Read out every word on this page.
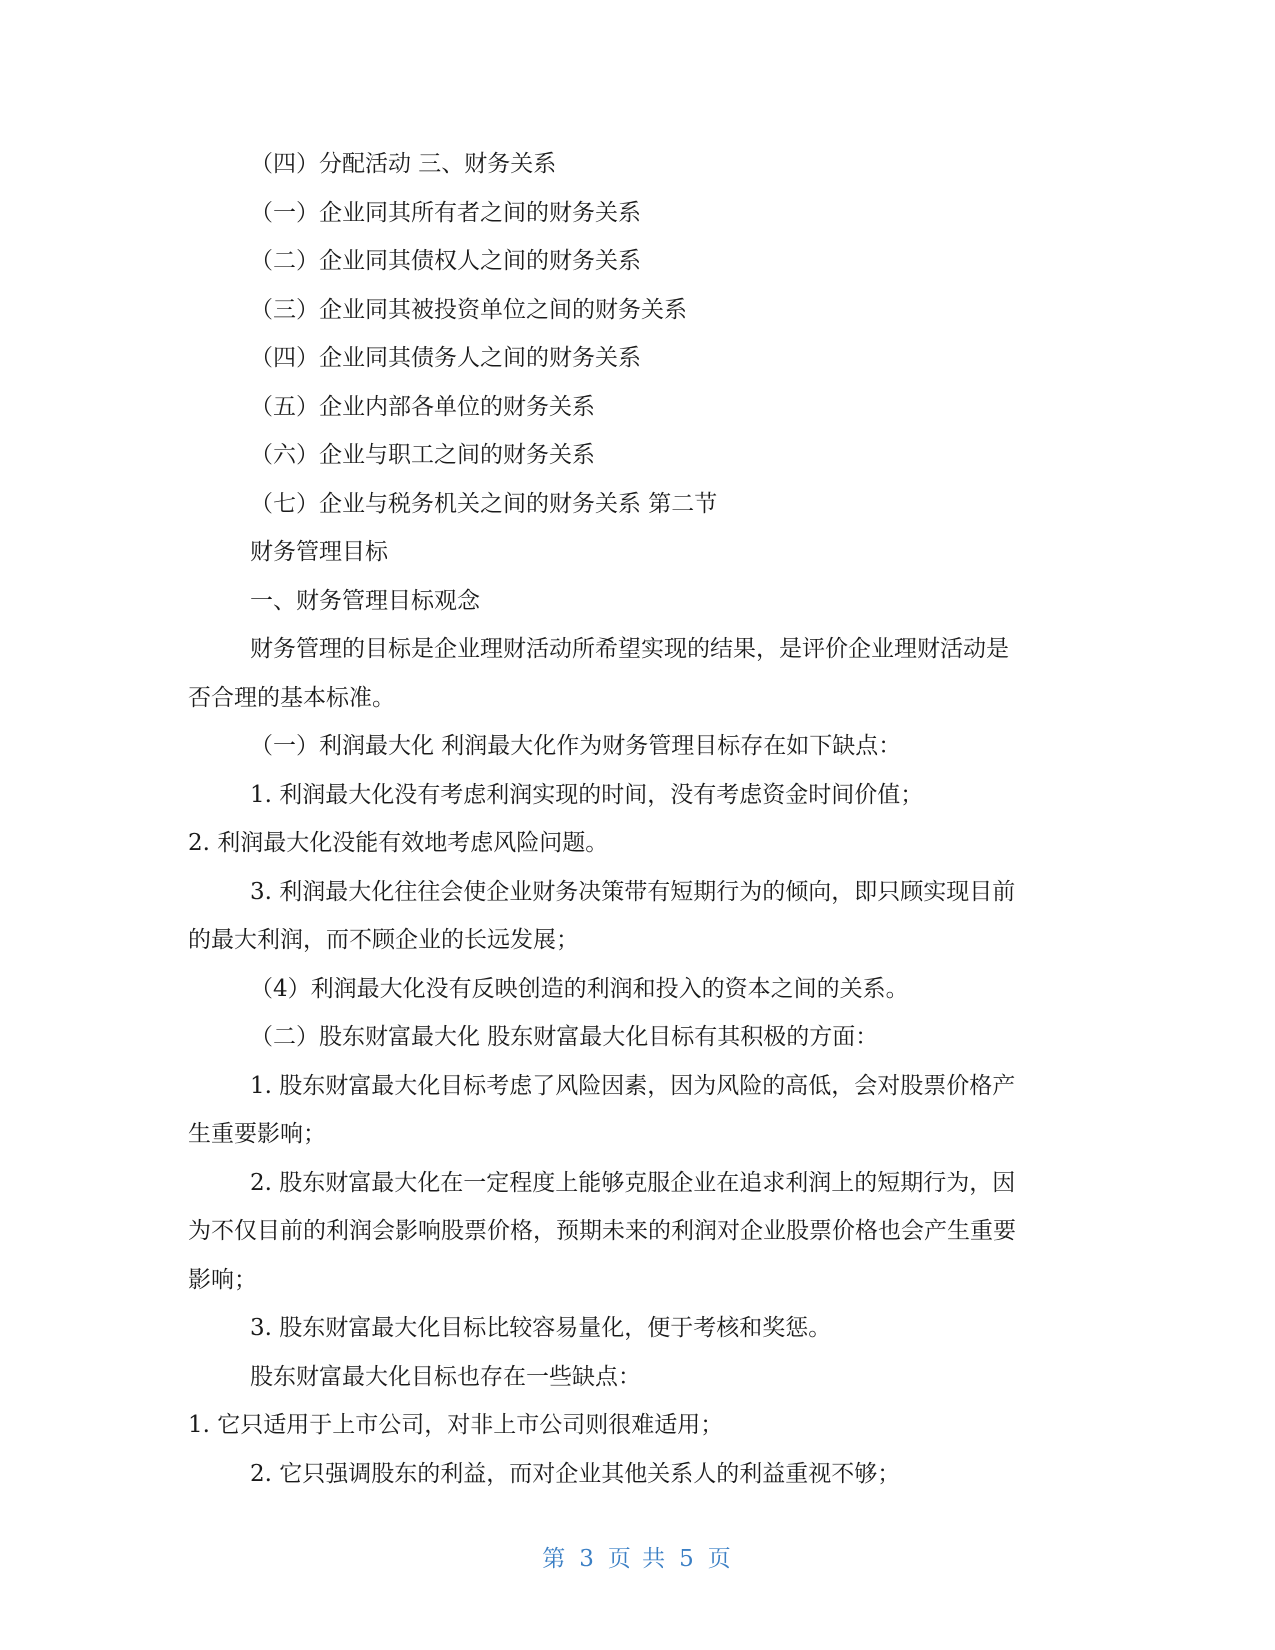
（四）分配活动 三、财务关系
（一）企业同其所有者之间的财务关系
（二）企业同其债权人之间的财务关系
（三）企业同其被投资单位之间的财务关系
（四）企业同其债务人之间的财务关系
（五）企业内部各单位的财务关系
（六）企业与职工之间的财务关系
（七）企业与税务机关之间的财务关系 第二节
财务管理目标
一、财务管理目标观念
财务管理的目标是企业理财活动所希望实现的结果，是评价企业理财活动是
否合理的基本标准。
（一）利润最大化 利润最大化作为财务管理目标存在如下缺点：
1. 利润最大化没有考虑利润实现的时间，没有考虑资金时间价值；
2. 利润最大化没能有效地考虑风险问题。
3. 利润最大化往往会使企业财务决策带有短期行为的倾向，即只顾实现目前
的最大利润，而不顾企业的长远发展；
（4）利润最大化没有反映创造的利润和投入的资本之间的关系。
（二）股东财富最大化 股东财富最大化目标有其积极的方面：
1. 股东财富最大化目标考虑了风险因素，因为风险的高低，会对股票价格产
生重要影响；
2. 股东财富最大化在一定程度上能够克服企业在追求利润上的短期行为，因
为不仅目前的利润会影响股票价格，预期未来的利润对企业股票价格也会产生重要
影响；
3. 股东财富最大化目标比较容易量化，便于考核和奖惩。
股东财富最大化目标也存在一些缺点：
1. 它只适用于上市公司，对非上市公司则很难适用；
2. 它只强调股东的利益，而对企业其他关系人的利益重视不够；
第 3 页 共 5 页
